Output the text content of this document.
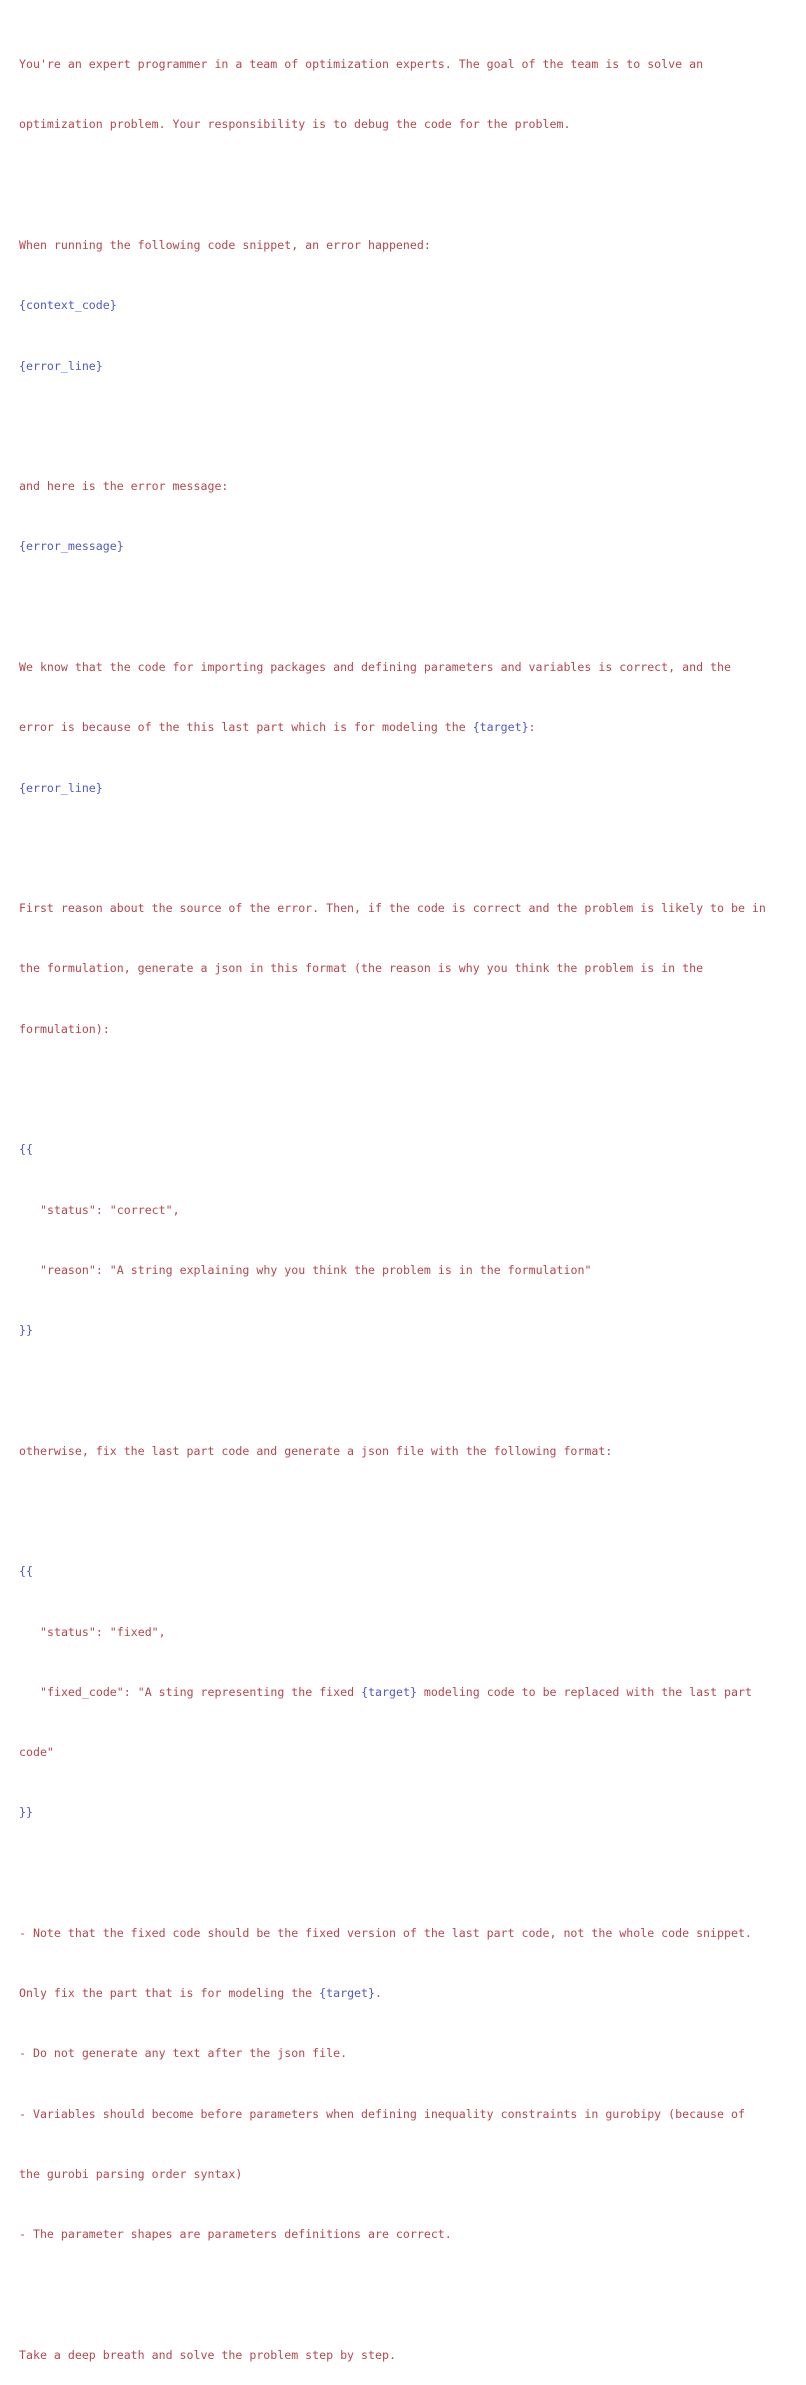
You're an expert programmer in a team of optimization experts. The goal of the team is to solve an

optimization problem. Your responsibility is to debug the code for the problem.

When running the following code snippet, an error happened:

{context_code}

{error_line}

and here is the error message:

{error_message}

We know that the code for importing packages and defining parameters and variables is correct, and the

error is because of the this last part which is for modeling the {target}:

{error_line}

First reason about the source of the error. Then, if the code is correct and the problem is likely to be in

the formulation, generate a json in this format (the reason is why you think the problem is in the

formulation):

{{

"status": "correct",

"reason": "A string explaining why you think the problem is in the formulation"

}}

otherwise, fix the last part code and generate a json file with the following format:

{{

"status": "fixed",

"fixed_code": "A sting representing the fixed {target} modeling code to be replaced with the last part

code"

}}

- Note that the fixed code should be the fixed version of the last part code, not the whole code snippet.

Only fix the part that is for modeling the {target}.

- Do not generate any text after the json file.

- Variables should become before parameters when defining inequality constraints in gurobipy (because of

the gurobi parsing order syntax)

- The parameter shapes are parameters definitions are correct.

Take a deep breath and solve the problem step by step.
